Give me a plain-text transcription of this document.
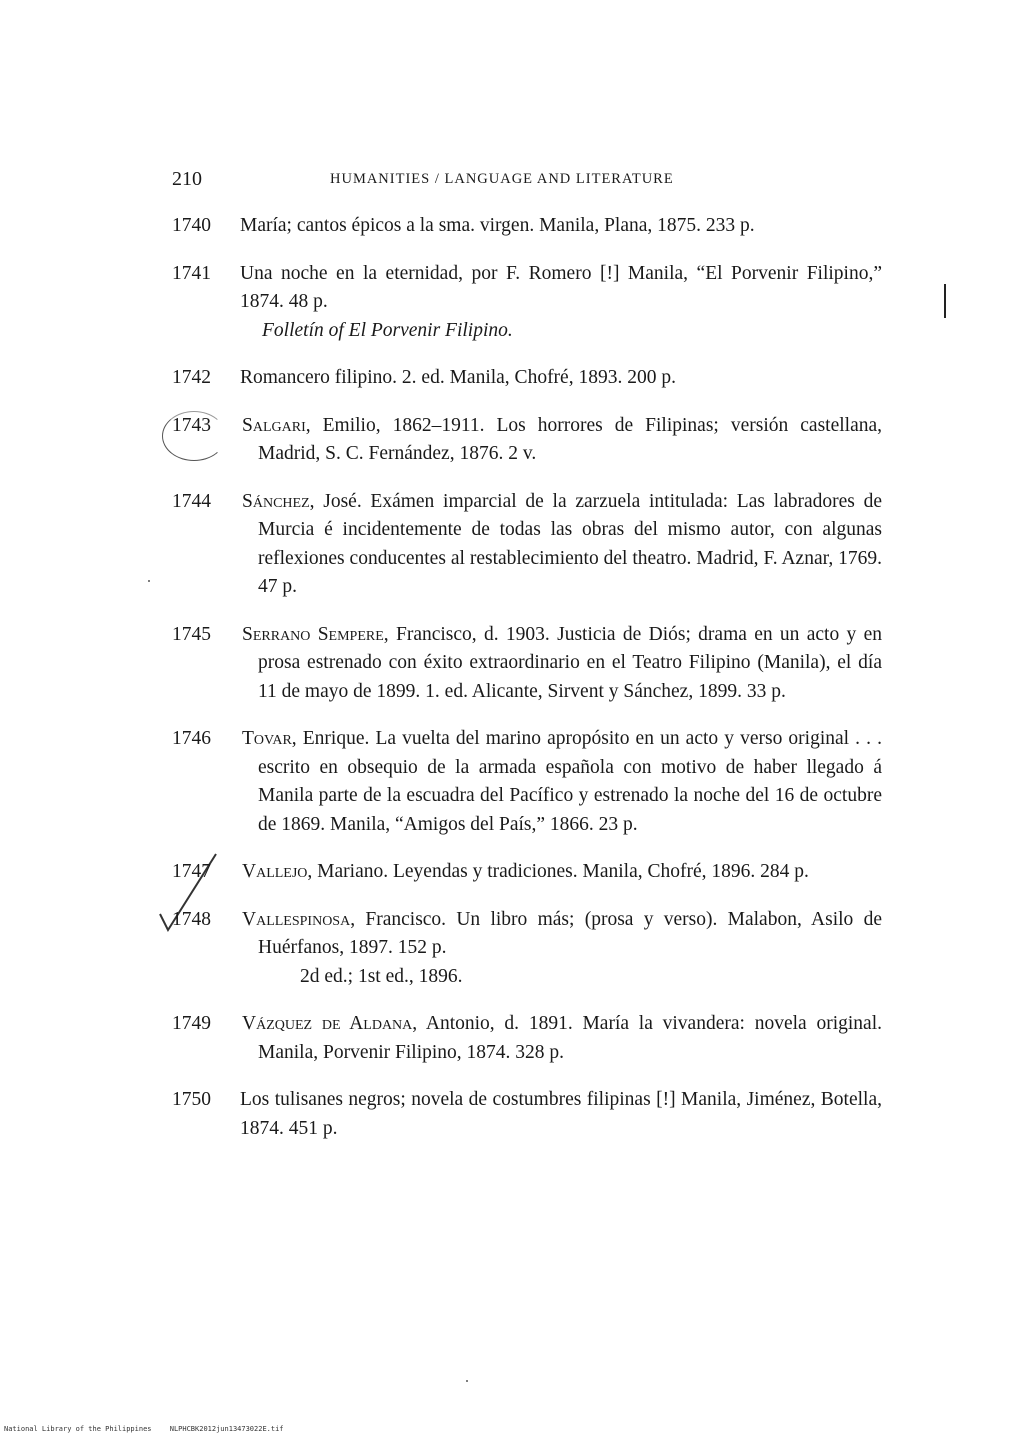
210	HUMANITIES / LANGUAGE AND LITERATURE
1740	María; cantos épicos a la sma. virgen. Manila, Plana, 1875. 233 p.
1741	Una noche en la eternidad, por F. Romero [!] Manila, “El Porvenir Filipino,” 1874. 48 p.
Folletín of El Porvenir Filipino.
1742	Romancero filipino. 2. ed. Manila, Chofré, 1893. 200 p.
1743	Salgari, Emilio, 1862–1911. Los horrores de Filipinas; versión castellana, Madrid, S. C. Fernández, 1876. 2 v.
1744	Sánchez, José. Exámen imparcial de la zarzuela intitulada: Las labradores de Murcia é incidentemente de todas las obras del mismo autor, con algunas reflexiones conducentes al restablecimiento del theatro. Madrid, F. Aznar, 1769. 47 p.
1745	Serrano Sempere, Francisco, d. 1903. Justicia de Diós; drama en un acto y en prosa estrenado con éxito extraordinario en el Teatro Filipino (Manila), el día 11 de mayo de 1899. 1. ed. Alicante, Sirvent y Sánchez, 1899. 33 p.
1746	Tovar, Enrique. La vuelta del marino apropósito en un acto y verso original . . . escrito en obsequio de la armada española con motivo de haber llegado á Manila parte de la escuadra del Pacífico y estrenado la noche del 16 de octubre de 1869. Manila, “Amigos del País,” 1866. 23 p.
1747	Vallejo, Mariano. Leyendas y tradiciones. Manila, Chofré, 1896. 284 p.
1748	Vallespinosa, Francisco. Un libro más; (prosa y verso). Malabon, Asilo de Huérfanos, 1897. 152 p.
2d ed.; 1st ed., 1896.
1749	Vázquez de Aldana, Antonio, d. 1891. María la vivandera: novela original. Manila, Porvenir Filipino, 1874. 328 p.
1750	Los tulisanes negros; novela de costumbres filipinas [!] Manila, Jiménez, Botella, 1874. 451 p.
National Library of the Philippines	NLPHCBK2012jun13473022E.tif
